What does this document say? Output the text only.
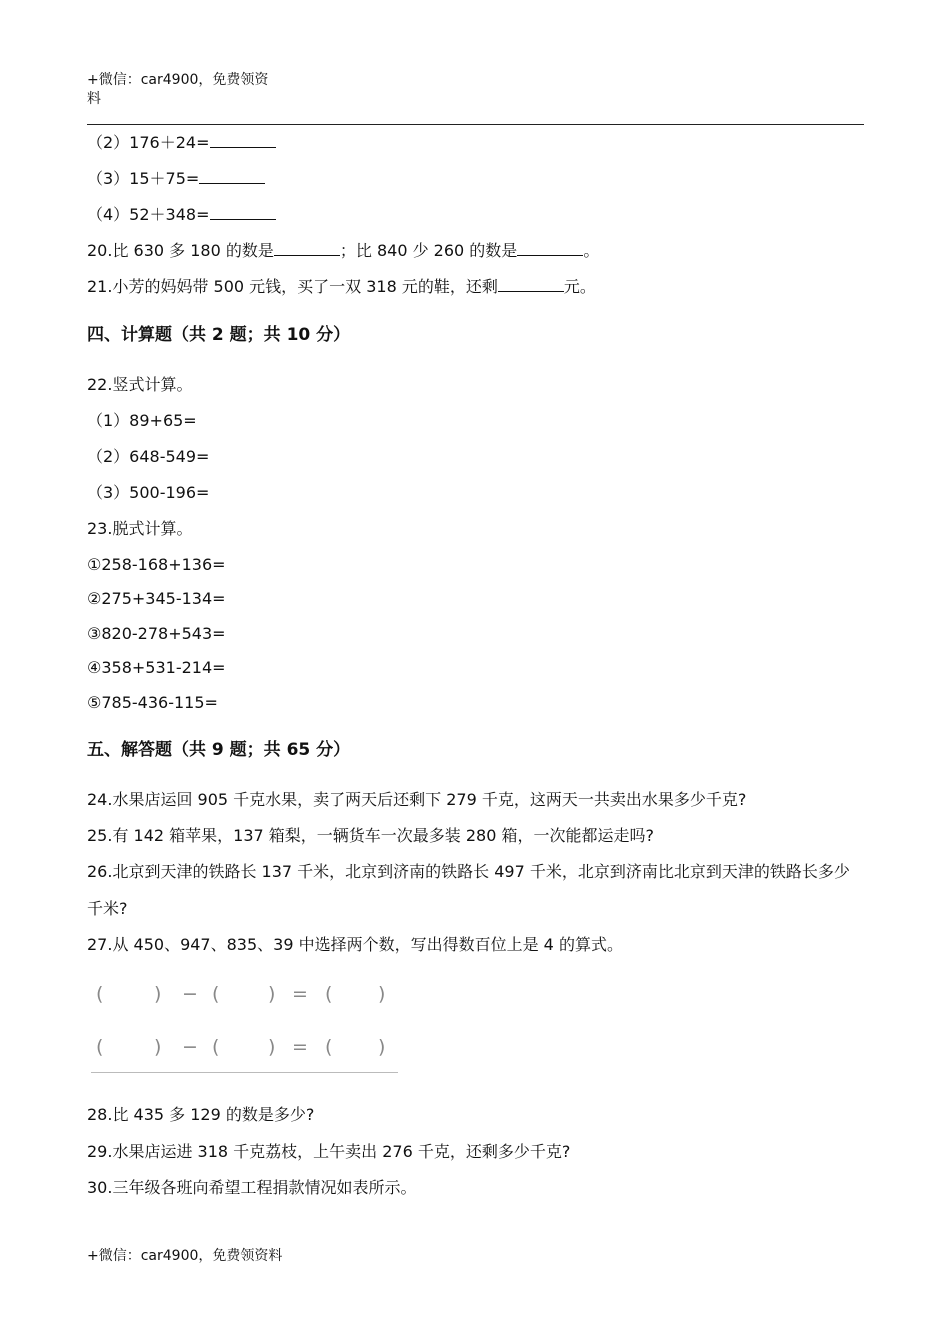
+微信：car4900，免费领资
料
（2）176＋24=
（3）15＋75=
（4）52＋348=
20.比 630 多 180 的数是	；比 840 少 260 的数是	。
21.小芳的妈妈带 500 元钱，买了一双 318 元的鞋，还剩	元。
四、计算题（共 2 题；共 10 分）
22.竖式计算。
（1）89+65=
（2）648-549=
（3）500-196=
23.脱式计算。
①258-168+136=
②275+345-134=
③820-278+543=
④358+531-214=
⑤785-436-115=
五、解答题（共 9 题；共 65 分）
24.水果店运回 905 千克水果，卖了两天后还剩下 279 千克，这两天一共卖出水果多少千克?
25.有 142 箱苹果，137 箱梨，一辆货车一次最多装 280 箱，一次能都运走吗?
26.北京到天津的铁路长 137 千米，北京到济南的铁路长 497 千米，北京到济南比北京到天津的铁路长多少
千米?
27.从 450、947、835、39 中选择两个数，写出得数百位上是 4 的算式。
(	) − (	) = ( )
(	) − (	) = ( )
28.比 435 多 129 的数是多少?
29.水果店运进 318 千克荔枝，上午卖出 276 千克，还剩多少千克?
30.三年级各班向希望工程捐款情况如表所示。
+微信：car4900，免费领资料
